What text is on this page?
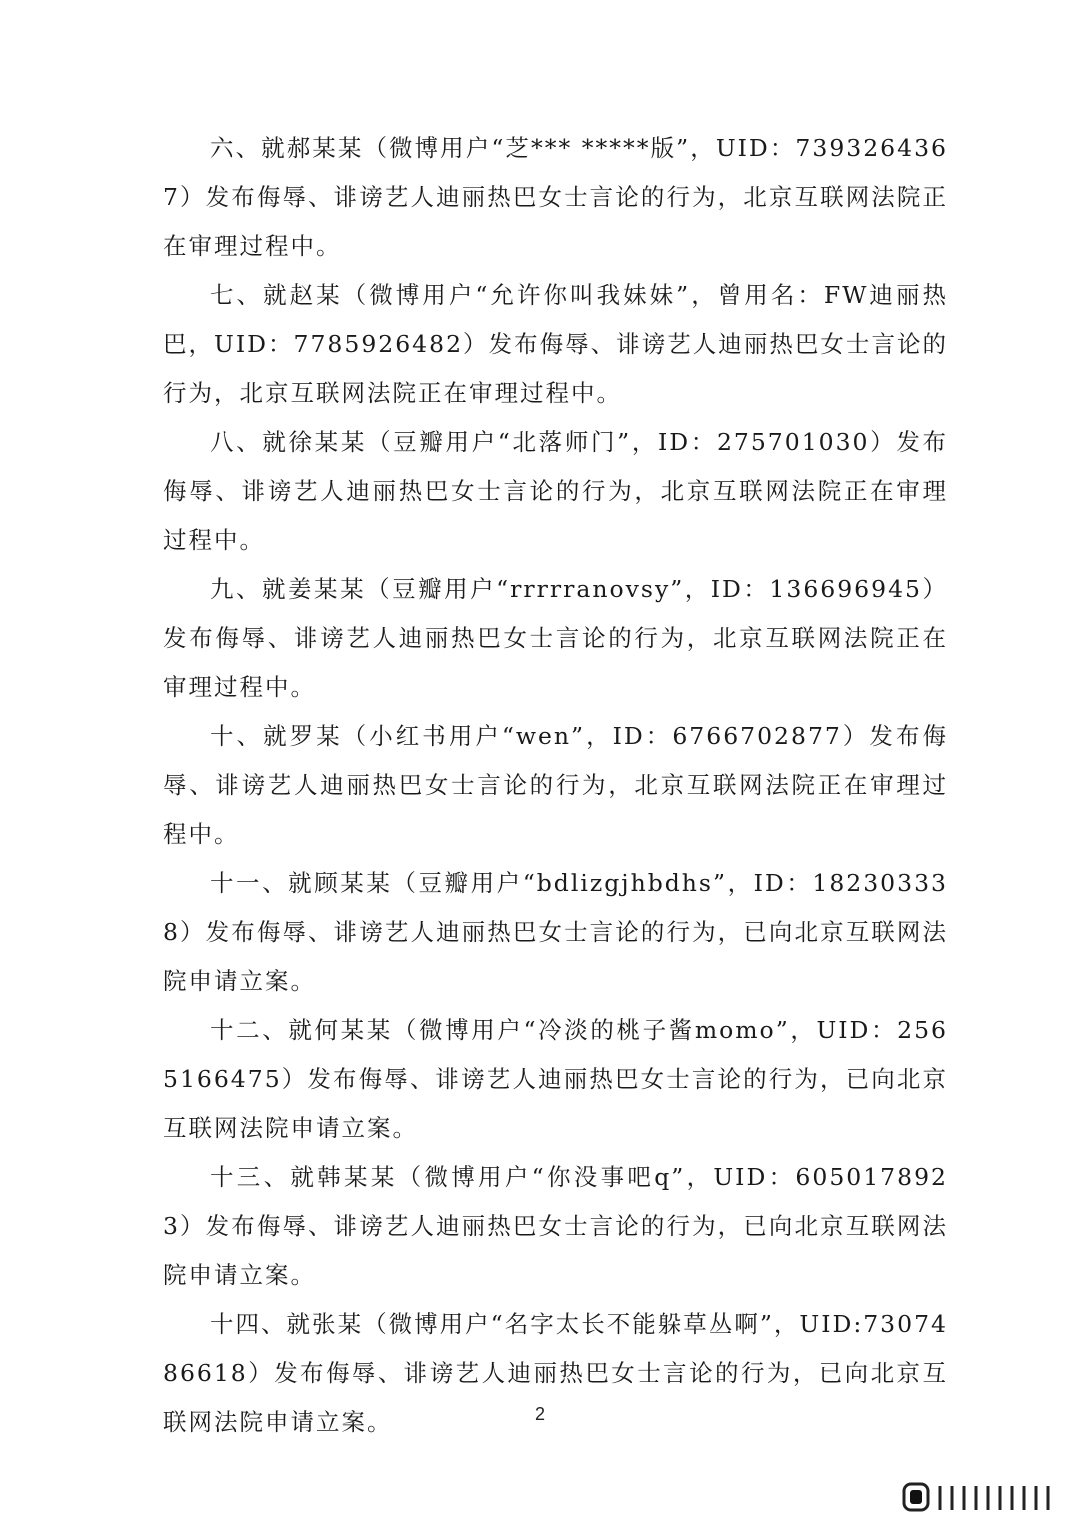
六、就郝某某（微博用户“芝*** *****版”，UID：7393264367）发布侮辱、诽谤艺人迪丽热巴女士言论的行为，北京互联网法院正在审理过程中。

七、就赵某（微博用户“允许你叫我妹妹”，曾用名：FW迪丽热巴，UID：7785926482）发布侮辱、诽谤艺人迪丽热巴女士言论的行为，北京互联网法院正在审理过程中。

八、就徐某某（豆瓣用户“北落师门”，ID：275701030）发布侮辱、诽谤艺人迪丽热巴女士言论的行为，北京互联网法院正在审理过程中。

九、就姜某某（豆瓣用户“rrrrranovsy”，ID：136696945）发布侮辱、诽谤艺人迪丽热巴女士言论的行为，北京互联网法院正在审理过程中。

十、就罗某（小红书用户“wen”，ID：6766702877）发布侮辱、诽谤艺人迪丽热巴女士言论的行为，北京互联网法院正在审理过程中。

十一、就顾某某（豆瓣用户“bdlizgjhbdhs”，ID：182303338）发布侮辱、诽谤艺人迪丽热巴女士言论的行为，已向北京互联网法院申请立案。

十二、就何某某（微博用户“冷淡的桃子酱momo”，UID：2565166475）发布侮辱、诽谤艺人迪丽热巴女士言论的行为，已向北京互联网法院申请立案。

十三、就韩某某（微博用户“你没事吧q”，UID：6050178923）发布侮辱、诽谤艺人迪丽热巴女士言论的行为，已向北京互联网法院申请立案。

十四、就张某（微博用户“名字太长不能躲草丛啊”，UID:7307486618）发布侮辱、诽谤艺人迪丽热巴女士言论的行为，已向北京互联网法院申请立案。	2
